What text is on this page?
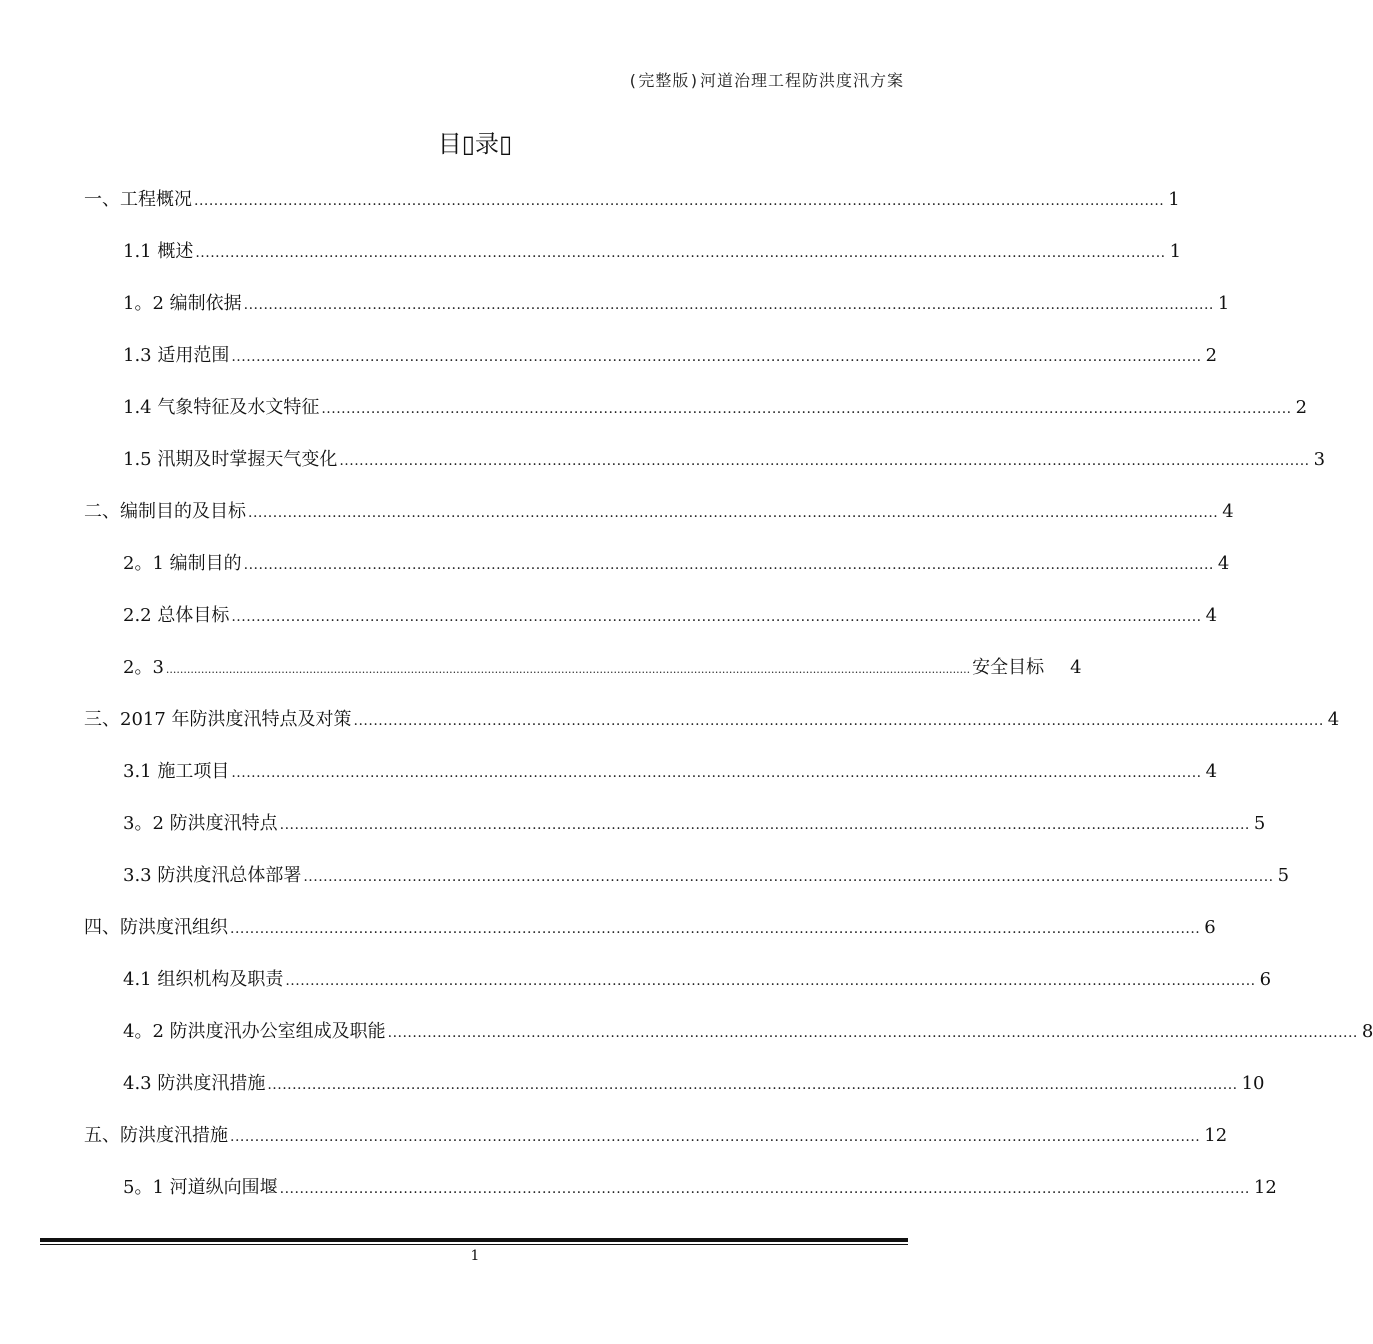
(完整版)河道治理工程防洪度汛方案
目▯录▯
一、工程概况 .................................................................................................................................................................................................... 1
1.1 概述 .................................................................................................................................................................................................... 1
1。2 编制依据 .................................................................................................................................................................................................... 1
1.3 适用范围 .................................................................................................................................................................................................... 2
1.4 气象特征及水文特征 .................................................................................................................................................................................................... 2
1.5 汛期及时掌握天气变化 .................................................................................................................................................................................................... 3
二、编制目的及目标 .................................................................................................................................................................................................... 4
2。1 编制目的 .................................................................................................................................................................................................... 4
2.2 总体目标 .................................................................................................................................................................................................... 4
2。3 ...................................................................................................................................................................................................................................... 安全目标	4
三、2017 年防洪度汛特点及对策 .................................................................................................................................................................................................... 4
3.1 施工项目 .................................................................................................................................................................................................... 4
3。2 防洪度汛特点 .................................................................................................................................................................................................... 5
3.3 防洪度汛总体部署 .................................................................................................................................................................................................... 5
四、防洪度汛组织 .................................................................................................................................................................................................... 6
4.1 组织机构及职责 .................................................................................................................................................................................................... 6
4。2 防洪度汛办公室组成及职能 .................................................................................................................................................................................................... 8
4.3 防洪度汛措施 .................................................................................................................................................................................................... 10
五、防洪度汛措施 .................................................................................................................................................................................................... 12
5。1 河道纵向围堰 .................................................................................................................................................................................................... 12
1
